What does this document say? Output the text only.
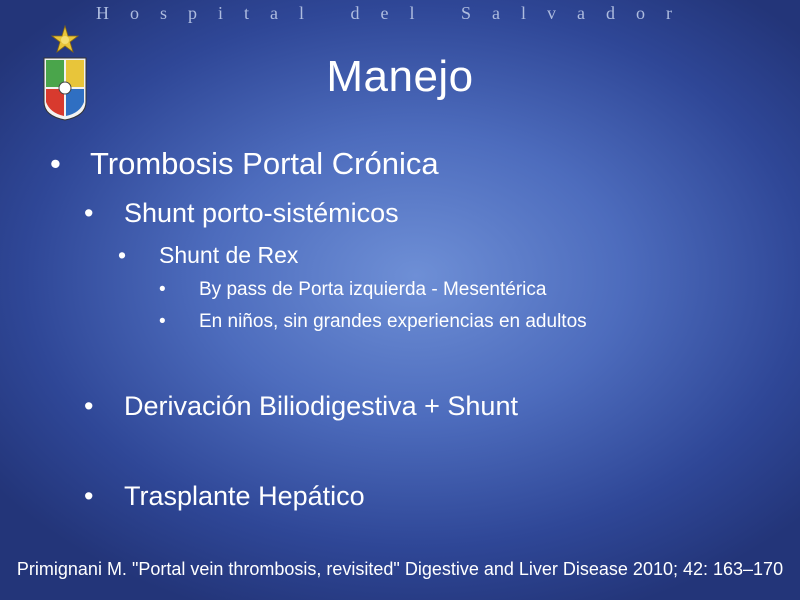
Hospital del Salvador
Manejo
• Trombosis Portal Crónica
•	Shunt porto-sistémicos
•	Shunt de Rex
•	By pass de Porta izquierda - Mesentérica
•	En niños, sin grandes experiencias en adultos
•	Derivación Biliodigestiva + Shunt
•	Trasplante Hepático
Primignani M. "Portal vein thrombosis, revisited" Digestive and Liver Disease 2010; 42: 163–170
